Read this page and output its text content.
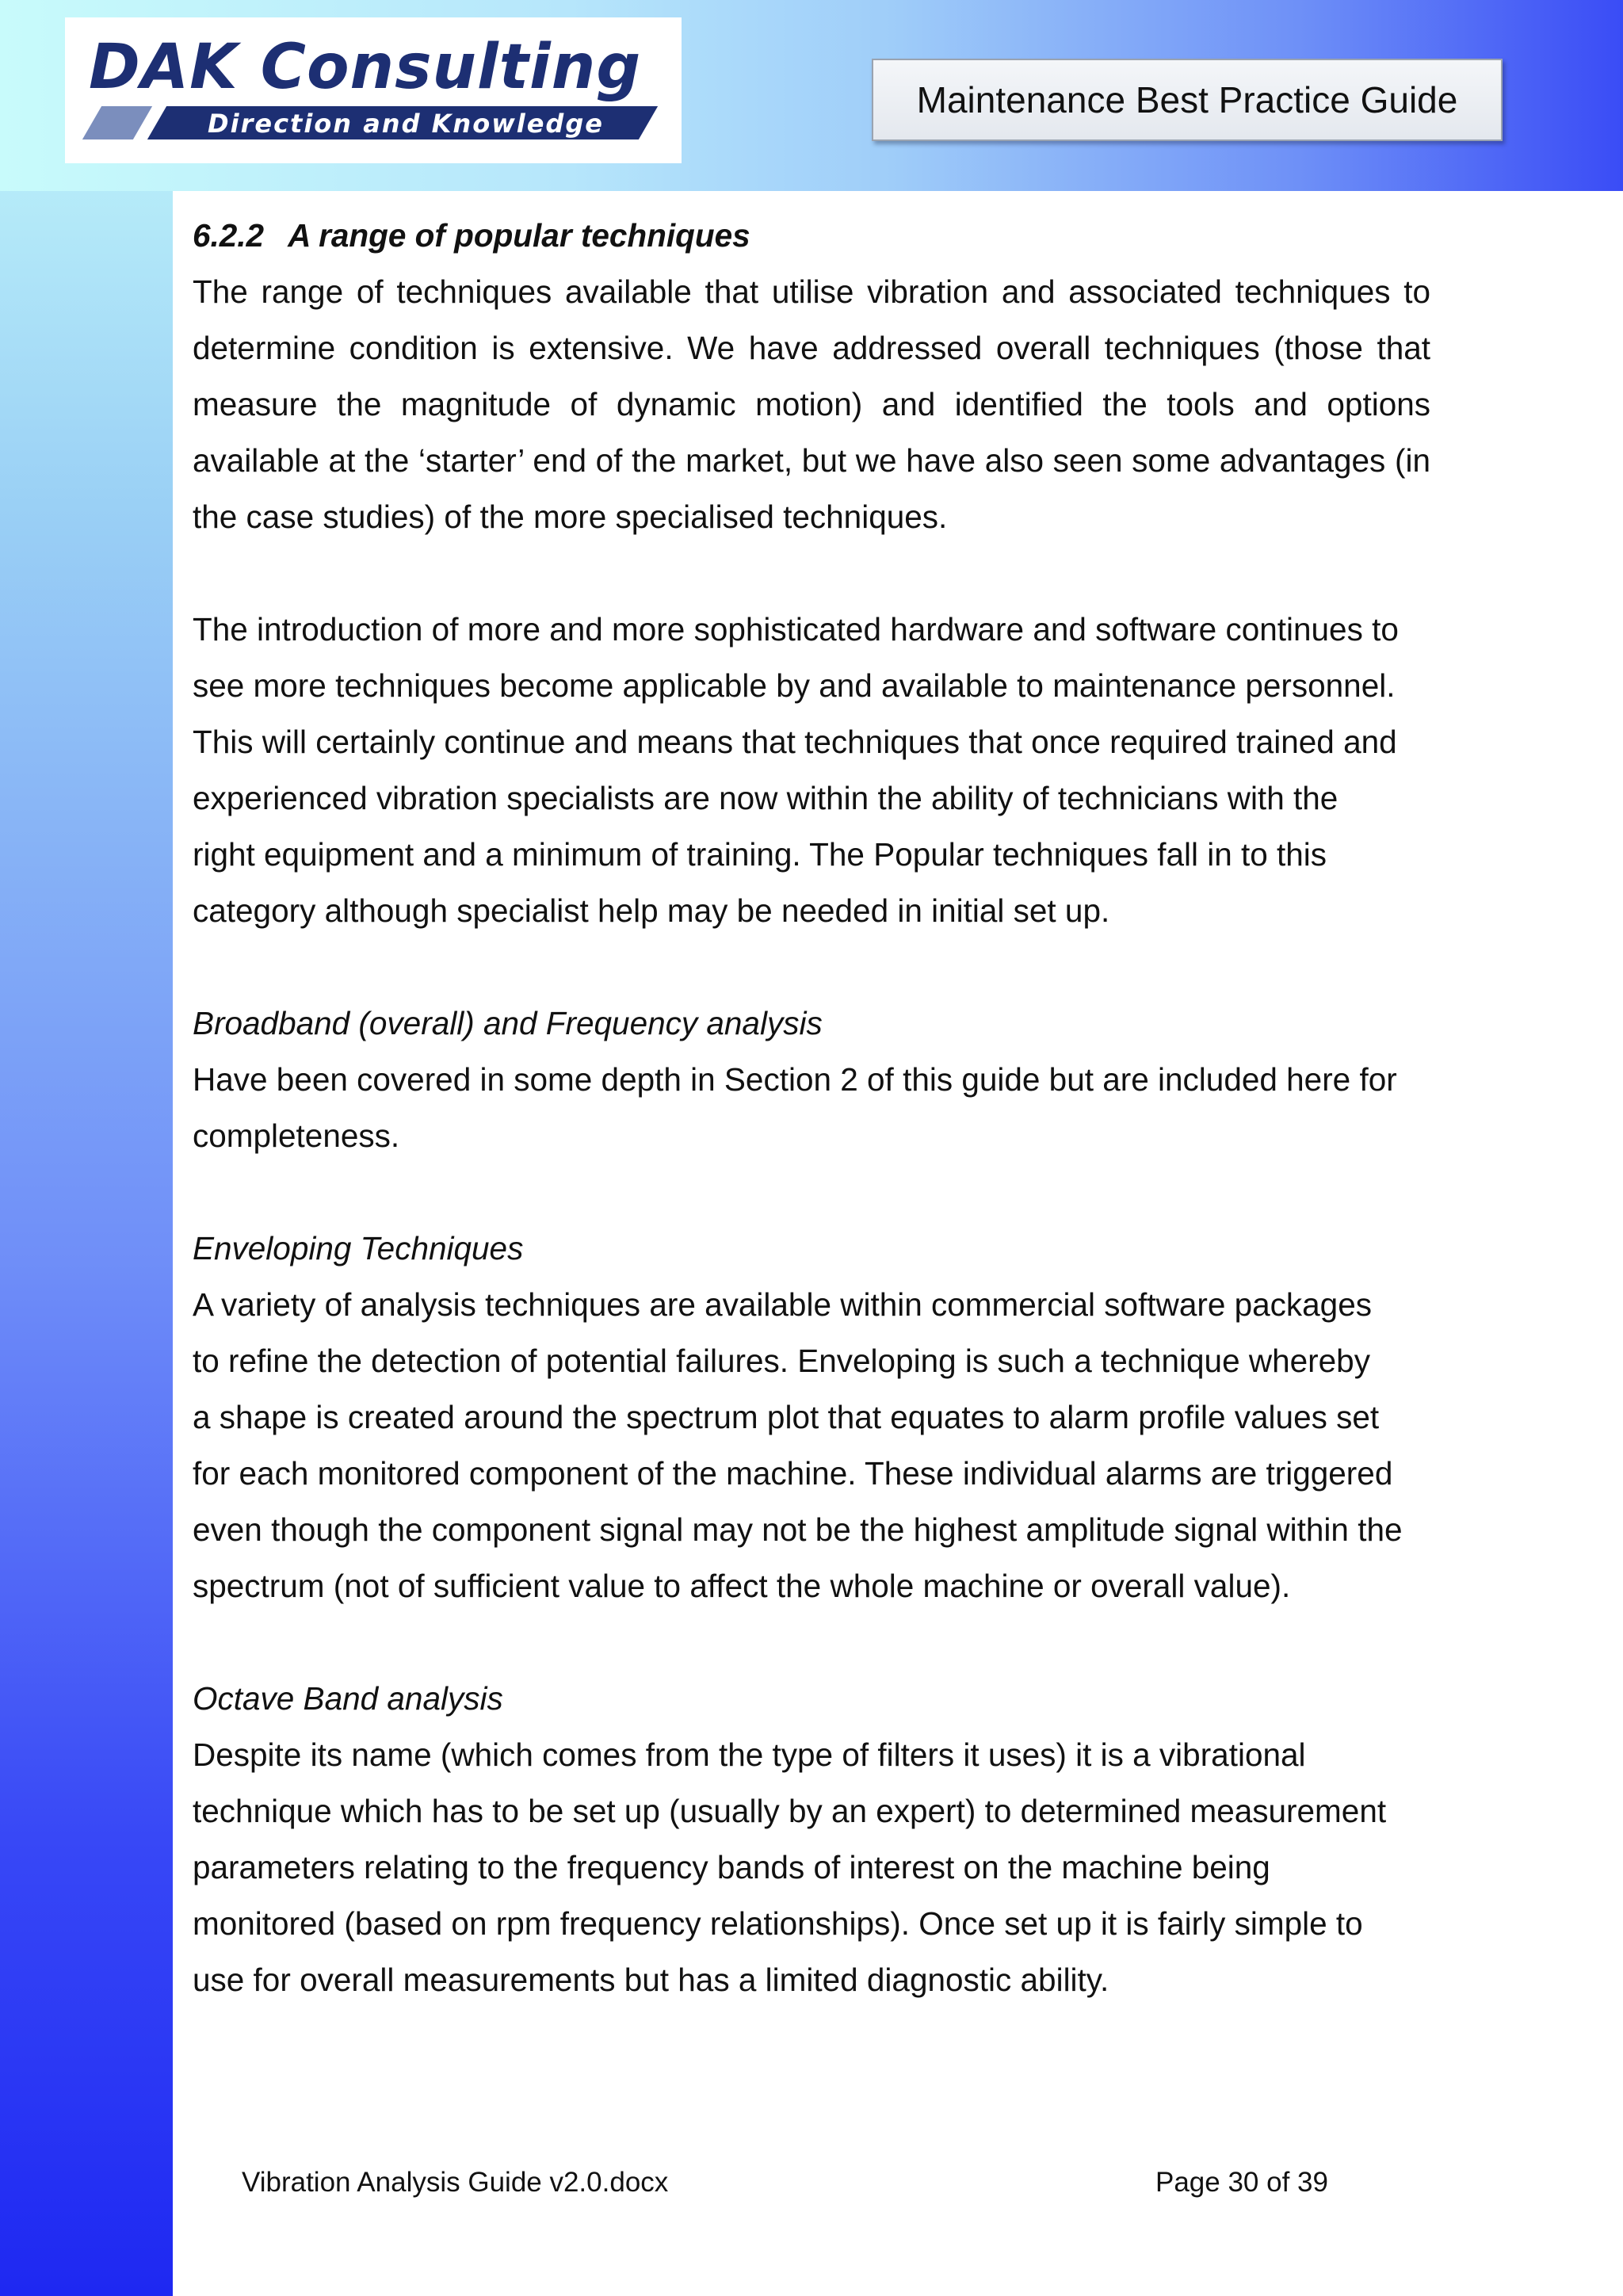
DAK Consulting
Direction and Knowledge
Maintenance Best Practice Guide

6.2.2 A range of popular techniques

The range of techniques available that utilise vibration and associated techniques to determine condition is extensive. We have addressed overall techniques (those that measure the magnitude of dynamic motion) and identified the tools and options available at the ‘starter’ end of the market, but we have also seen some advantages (in the case studies) of the more specialised techniques.

The introduction of more and more sophisticated hardware and software continues to

see more techniques become applicable by and available to maintenance personnel.

This will certainly continue and means that techniques that once required trained and

experienced vibration specialists are now within the ability of technicians with the

right equipment and a minimum of training. The Popular techniques fall in to this

category although specialist help may be needed in initial set up.

Broadband (overall) and Frequency analysis

Have been covered in some depth in Section 2 of this guide but are included here for

completeness.

Enveloping Techniques

A variety of analysis techniques are available within commercial software packages

to refine the detection of potential failures. Enveloping is such a technique whereby

a shape is created around the spectrum plot that equates to alarm profile values set

for each monitored component of the machine. These individual alarms are triggered

even though the component signal may not be the highest amplitude signal within the

spectrum (not of sufficient value to affect the whole machine or overall value).

Octave Band analysis

Despite its name (which comes from the type of filters it uses) it is a vibrational

technique which has to be set up (usually by an expert) to determined measurement

parameters relating to the frequency bands of interest on the machine being

monitored (based on rpm frequency relationships). Once set up it is fairly simple to

use for overall measurements but has a limited diagnostic ability.

Vibration Analysis Guide v2.0.docx	Page 30 of 39
